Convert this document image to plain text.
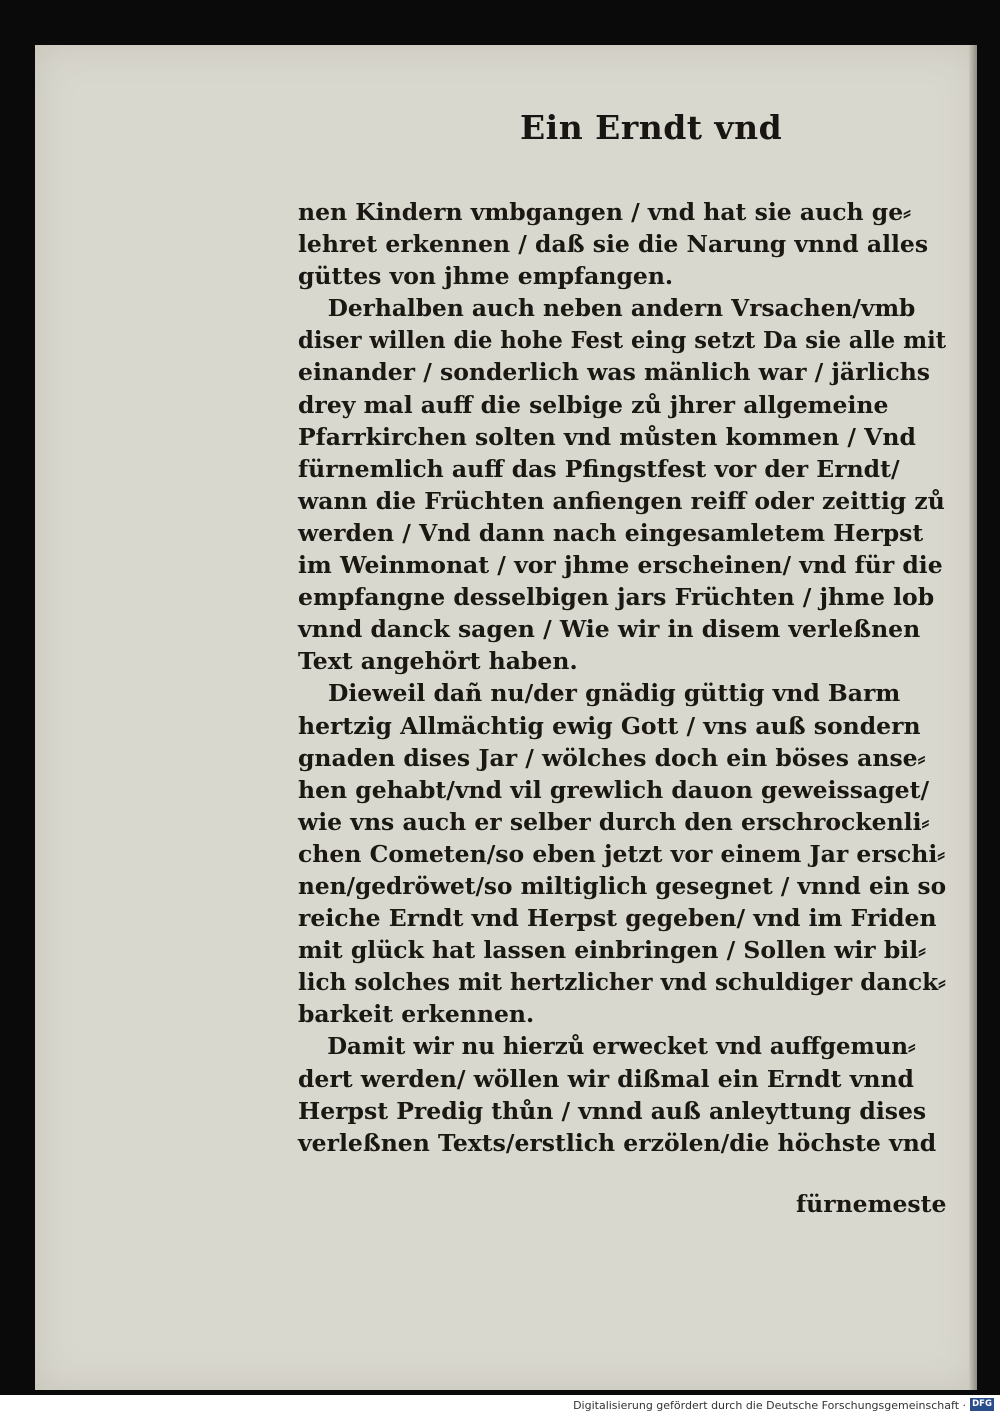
Ein Erndt vnd
nen Kindern vmbgangen / vnd hat sie auch ge⸗
lehret erkennen / daß sie die Narung vnnd alles
güttes von jhme empfangen.
Derhalben auch neben andern Vrsachen/vmb
diser willen die hohe Fest eing setzt Da sie alle mit
einander / sonderlich was mänlich war / järlichs
drey mal auff die selbige zů jhrer allgemeine
Pfarrkirchen solten vnd můsten kommen / Vnd
fürnemlich auff das Pfingstfest vor der Erndt/
wann die Früchten anfiengen reiff oder zeittig zů
werden / Vnd dann nach eingesamletem Herpst
im Weinmonat / vor jhme erscheinen/ vnd für die
empfangne desselbigen jars Früchten / jhme lob
vnnd danck sagen / Wie wir in disem verleßnen
Text angehört haben.
Dieweil dañ nu/der gnädig güttig vnd Barm
hertzig Allmächtig ewig Gott / vns auß sondern
gnaden dises Jar / wölches doch ein böses anse⸗
hen gehabt/vnd vil grewlich dauon geweissaget/
wie vns auch er selber durch den erschrockenli⸗
chen Cometen/so eben jetzt vor einem Jar erschi⸗
nen/gedröwet/so miltiglich gesegnet / vnnd ein so
reiche Erndt vnd Herpst gegeben/ vnd im Friden
mit glück hat lassen einbringen / Sollen wir bil⸗
lich solches mit hertzlicher vnd schuldiger danck⸗
barkeit erkennen.
Damit wir nu hierzů erwecket vnd auffgemun⸗
dert werden/ wöllen wir dißmal ein Erndt vnnd
Herpst Predig thůn / vnnd auß anleyttung dises
verleßnen Texts/erstlich erzölen/die höchste vnd
fürnemeste
Digitalisierung gefördert durch die Deutsche Forschungsgemeinschaft · DFG
